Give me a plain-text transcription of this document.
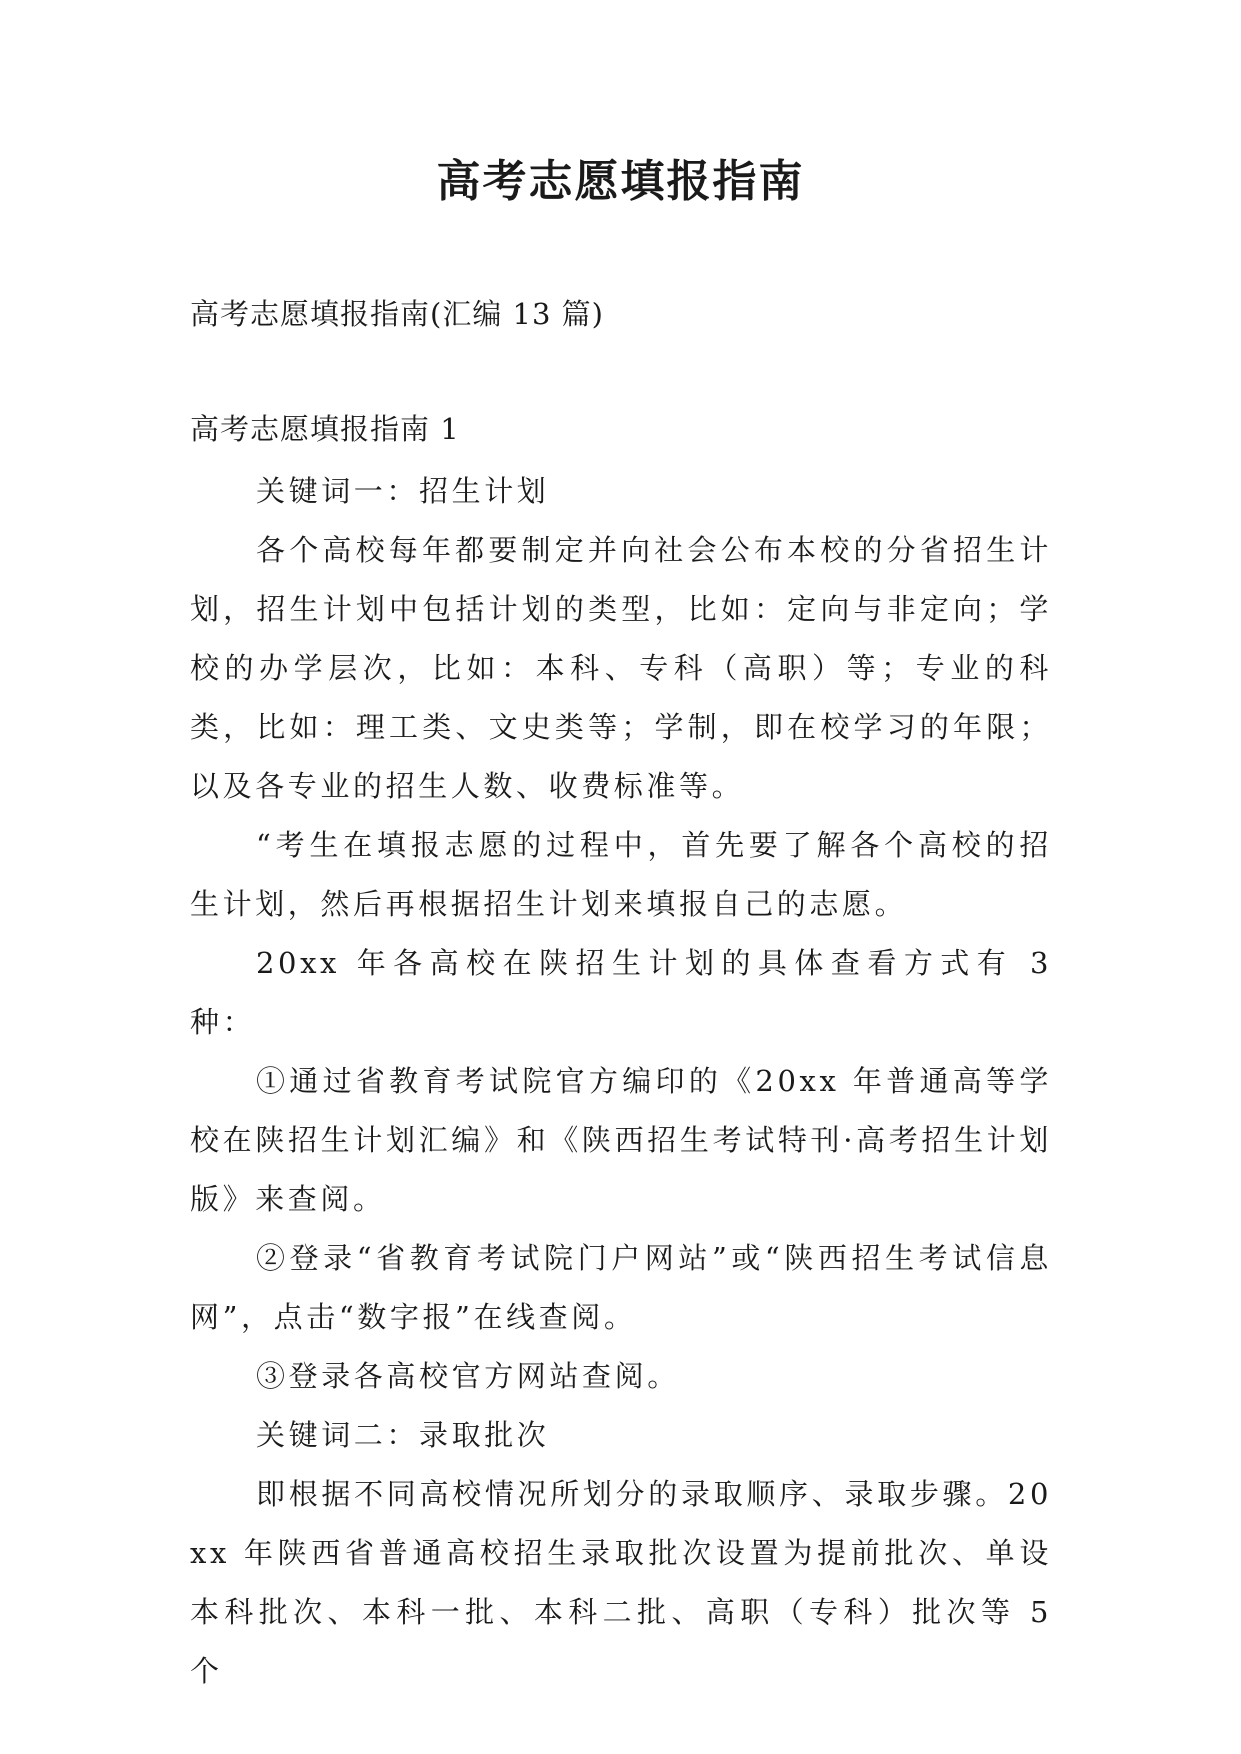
高考志愿填报指南
高考志愿填报指南(汇编 13 篇)
高考志愿填报指南 1

关键词一：招生计划

各个高校每年都要制定并向社会公布本校的分省招生计划，招生计划中包括计划的类型，比如：定向与非定向；学校的办学层次，比如：本科、专科（高职）等；专业的科类，比如：理工类、文史类等；学制，即在校学习的年限；以及各专业的招生人数、收费标准等。

“考生在填报志愿的过程中，首先要了解各个高校的招生计划，然后再根据招生计划来填报自己的志愿。

20xx 年各高校在陕招生计划的具体查看方式有 3 种：

①通过省教育考试院官方编印的《20xx 年普通高等学校在陕招生计划汇编》和《陕西招生考试特刊·高考招生计划版》来查阅。

②登录“省教育考试院门户网站”或“陕西招生考试信息网”，点击“数字报”在线查阅。

③登录各高校官方网站查阅。

关键词二：录取批次

即根据不同高校情况所划分的录取顺序、录取步骤。20xx 年陕西省普通高校招生录取批次设置为提前批次、单设本科批次、本科一批、本科二批、高职（专科）批次等 5 个
